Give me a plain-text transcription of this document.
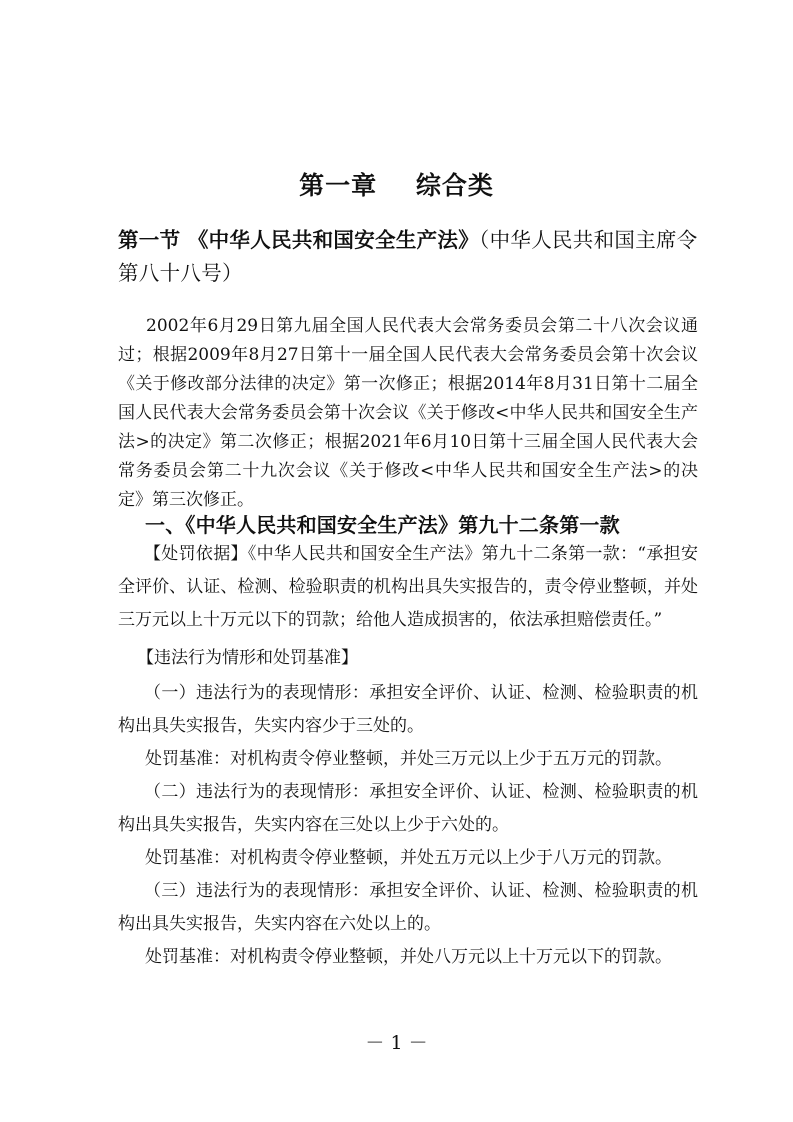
第一章    综合类
第一节 《中华人民共和国安全生产法》（中华人民共和国主席令第八十八号）
2002年6月29日第九届全国人民代表大会常务委员会第二十八次会议通过；根据2009年8月27日第十一届全国人民代表大会常务委员会第十次会议《关于修改部分法律的决定》第一次修正；根据2014年8月31日第十二届全国人民代表大会常务委员会第十次会议《关于修改<中华人民共和国安全生产法>的决定》第二次修正；根据2021年6月10日第十三届全国人民代表大会常务委员会第二十九次会议《关于修改<中华人民共和国安全生产法>的决定》第三次修正。
一、《中华人民共和国安全生产法》第九十二条第一款
【处罚依据】《中华人民共和国安全生产法》第九十二条第一款：“承担安全评价、认证、检测、检验职责的机构出具失实报告的，责令停业整顿，并处三万元以上十万元以下的罚款；给他人造成损害的，依法承担赔偿责任。”
【违法行为情形和处罚基准】
（一）违法行为的表现情形：承担安全评价、认证、检测、检验职责的机构出具失实报告，失实内容少于三处的。
处罚基准：对机构责令停业整顿，并处三万元以上少于五万元的罚款。
（二）违法行为的表现情形：承担安全评价、认证、检测、检验职责的机构出具失实报告，失实内容在三处以上少于六处的。
处罚基准：对机构责令停业整顿，并处五万元以上少于八万元的罚款。
（三）违法行为的表现情形：承担安全评价、认证、检测、检验职责的机构出具失实报告，失实内容在六处以上的。
处罚基准：对机构责令停业整顿，并处八万元以上十万元以下的罚款。
－ 1 －
